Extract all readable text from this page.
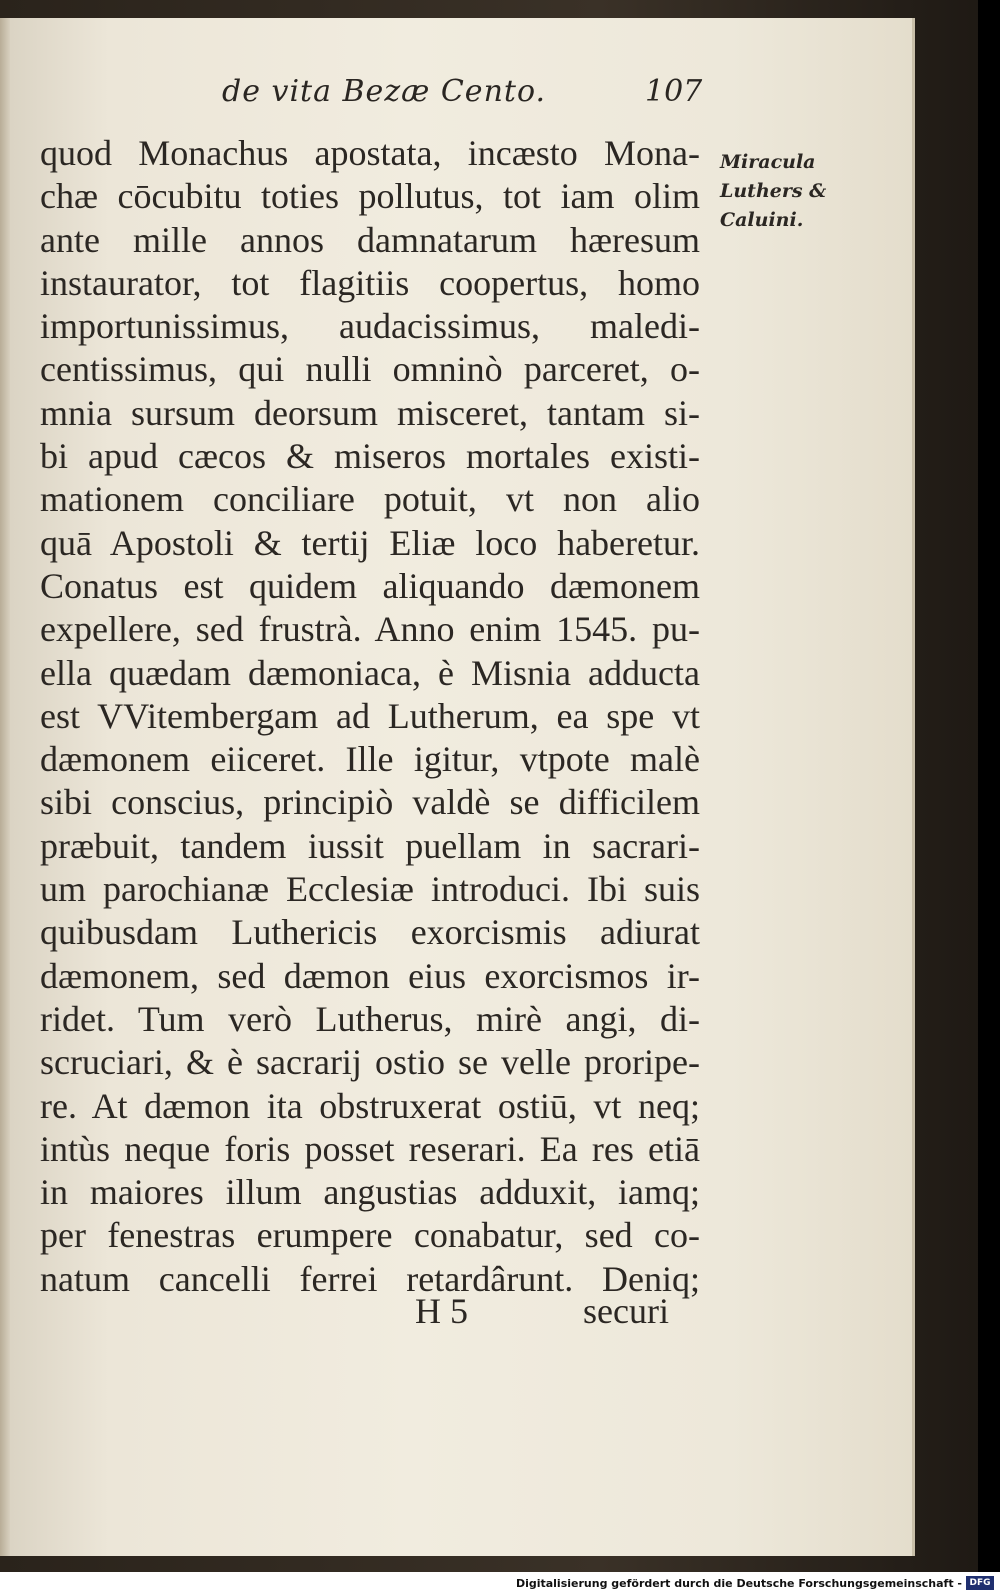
de vita Bezæ Cento.	107
quod Monachus apostata, incæsto Mona-
chæ cōcubitu toties pollutus, tot iam olim
ante mille annos damnatarum hæresum
instaurator, tot flagitiis coopertus, homo
importunissimus, audacissimus, maledi-
centissimus, qui nulli omninò parceret, o-
mnia sursum deorsum misceret, tantam si-
bi apud cæcos & miseros mortales existi-
mationem conciliare potuit, vt non alio
quā Apostoli & tertij Eliæ loco haberetur.
Conatus est quidem aliquando dæmonem
expellere, sed frustrà. Anno enim 1545. pu-
ella quædam dæmoniaca, è Misnia adducta
est VVitembergam ad Lutherum, ea spe vt
dæmonem eiiceret. Ille igitur, vtpote malè
sibi conscius, principiò valdè se difficilem
præbuit, tandem iussit puellam in sacrari-
um parochianæ Ecclesiæ introduci. Ibi suis
quibusdam Luthericis exorcismis adiurat
dæmonem, sed dæmon eius exorcismos ir-
ridet. Tum verò Lutherus, mirè angi, di-
scruciari, & è sacrarij ostio se velle proripe-
re. At dæmon ita obstruxerat ostiū, vt neq;
intùs neque foris posset reserari. Ea res etiā
in maiores illum angustias adduxit, iamq;
per fenestras erumpere conabatur, sed co-
natum cancelli ferrei retardârunt. Deniq;
Miracula
Luthers &
Caluini.
H 5	securi
Digitalisierung gefördert durch die Deutsche Forschungsgemeinschaft - DFG
